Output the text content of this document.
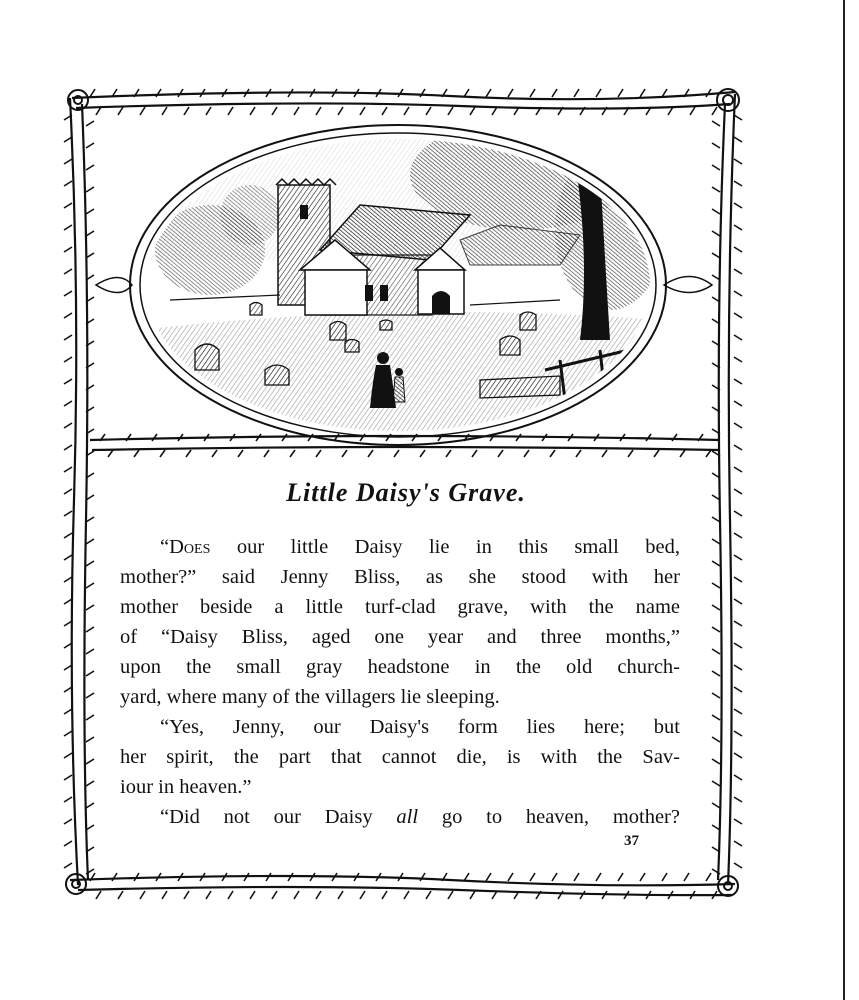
Little Daisy's Grave.

“Does our little Daisy lie in this small bed,
mother?” said Jenny Bliss, as she stood with her
mother beside a little turf-clad grave, with the name
of “Daisy Bliss, aged one year and three months,”
upon the small gray headstone in the old church-
yard, where many of the villagers lie sleeping.

“Yes, Jenny, our Daisy's form lies here; but
her spirit, the part that cannot die, is with the Sav-
iour in heaven.”

“Did not our Daisy all go to heaven, mother?

37
